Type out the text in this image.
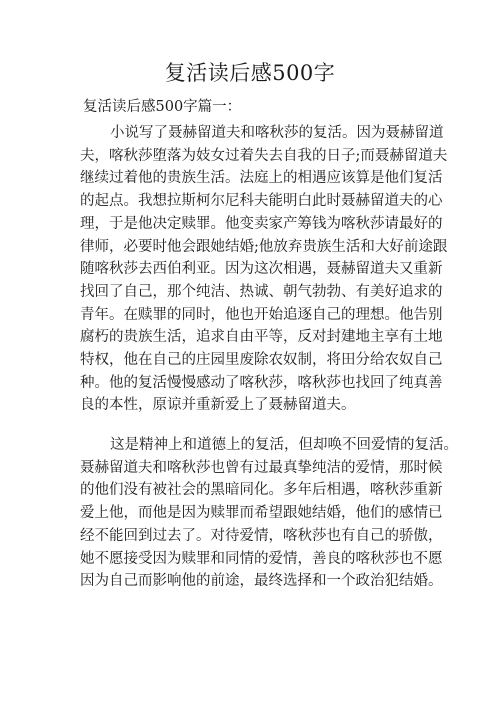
复活读后感500字
复活读后感500字篇一：
小说写了聂赫留道夫和喀秋莎的复活。因为聂赫留道
夫，喀秋莎堕落为妓女过着失去自我的日子;而聂赫留道夫
继续过着他的贵族生活。法庭上的相遇应该算是他们复活
的起点。我想拉斯柯尔尼科夫能明白此时聂赫留道夫的心
理，于是他决定赎罪。他变卖家产筹钱为喀秋莎请最好的
律师，必要时他会跟她结婚;他放弃贵族生活和大好前途跟
随喀秋莎去西伯利亚。因为这次相遇，聂赫留道夫又重新
找回了自己，那个纯洁、热诚、朝气勃勃、有美好追求的
青年。在赎罪的同时，他也开始追逐自己的理想。他告别
腐朽的贵族生活，追求自由平等，反对封建地主享有土地
特权，他在自己的庄园里废除农奴制，将田分给农奴自己
种。他的复活慢慢感动了喀秋莎，喀秋莎也找回了纯真善
良的本性，原谅并重新爱上了聂赫留道夫。
这是精神上和道德上的复活，但却唤不回爱情的复活。
聂赫留道夫和喀秋莎也曾有过最真挚纯洁的爱情，那时候
的他们没有被社会的黑暗同化。多年后相遇，喀秋莎重新
爱上他，而他是因为赎罪而希望跟她结婚，他们的感情已
经不能回到过去了。对待爱情，喀秋莎也有自己的骄傲，
她不愿接受因为赎罪和同情的爱情，善良的喀秋莎也不愿
因为自己而影响他的前途，最终选择和一个政治犯结婚。
